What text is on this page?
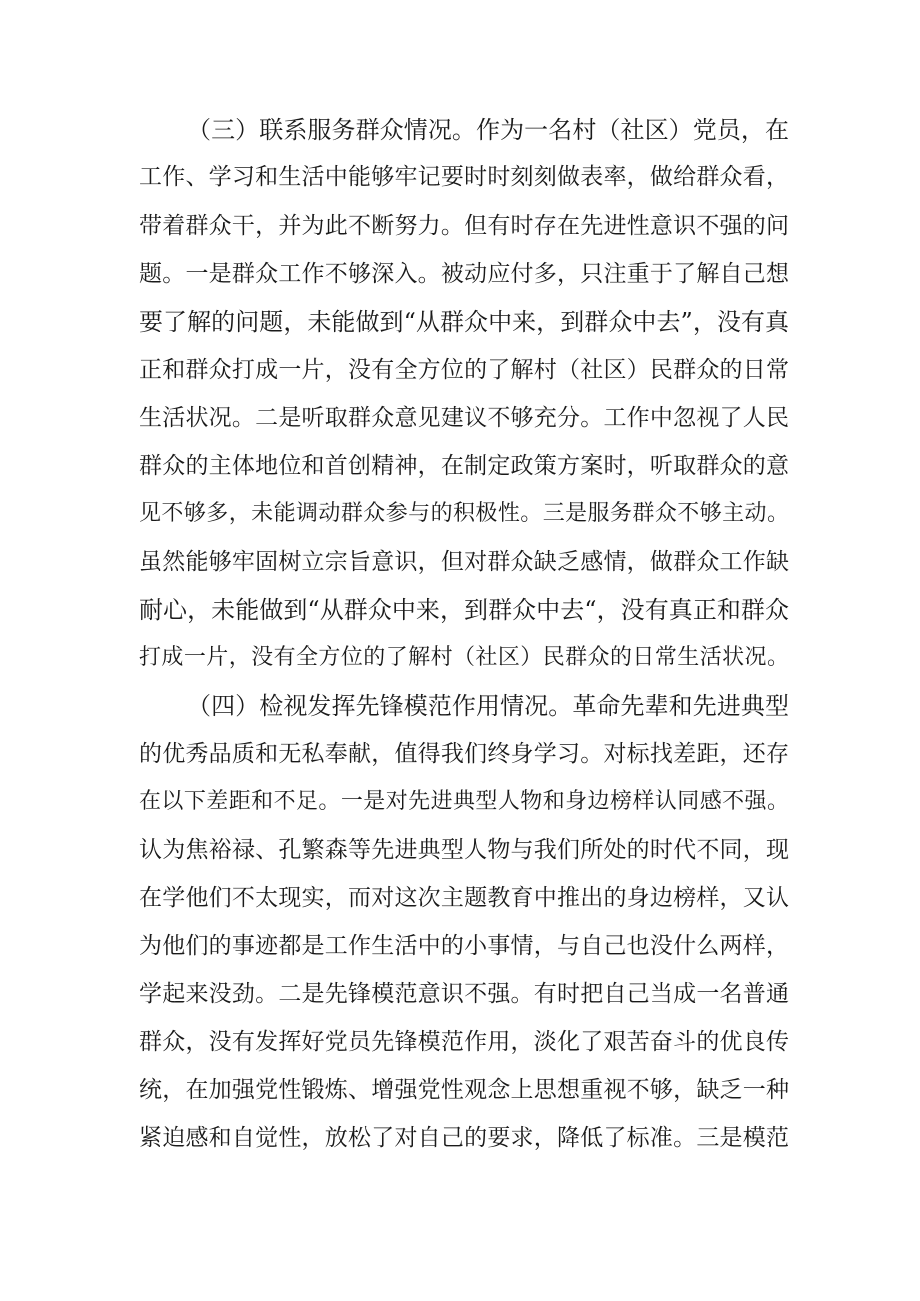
（三）联系服务群众情况。作为一名村（社区）党员，在
工作、学习和生活中能够牢记要时时刻刻做表率，做给群众看，
带着群众干，并为此不断努力。但有时存在先进性意识不强的问
题。一是群众工作不够深入。被动应付多，只注重于了解自己想
要了解的问题，未能做到“从群众中来，到群众中去”，没有真
正和群众打成一片，没有全方位的了解村（社区）民群众的日常
生活状况。二是听取群众意见建议不够充分。工作中忽视了人民
群众的主体地位和首创精神，在制定政策方案时，听取群众的意
见不够多，未能调动群众参与的积极性。三是服务群众不够主动。
虽然能够牢固树立宗旨意识，但对群众缺乏感情，做群众工作缺
耐心，未能做到“从群众中来，到群众中去“，没有真正和群众
打成一片，没有全方位的了解村（社区）民群众的日常生活状况。
（四）检视发挥先锋模范作用情况。革命先辈和先进典型
的优秀品质和无私奉献，值得我们终身学习。对标找差距，还存
在以下差距和不足。一是对先进典型人物和身边榜样认同感不强。
认为焦裕禄、孔繁森等先进典型人物与我们所处的时代不同，现
在学他们不太现实，而对这次主题教育中推出的身边榜样，又认
为他们的事迹都是工作生活中的小事情，与自己也没什么两样，
学起来没劲。二是先锋模范意识不强。有时把自己当成一名普通
群众，没有发挥好党员先锋模范作用，淡化了艰苦奋斗的优良传
统，在加强党性锻炼、增强党性观念上思想重视不够，缺乏一种
紧迫感和自觉性，放松了对自己的要求，降低了标准。三是模范
